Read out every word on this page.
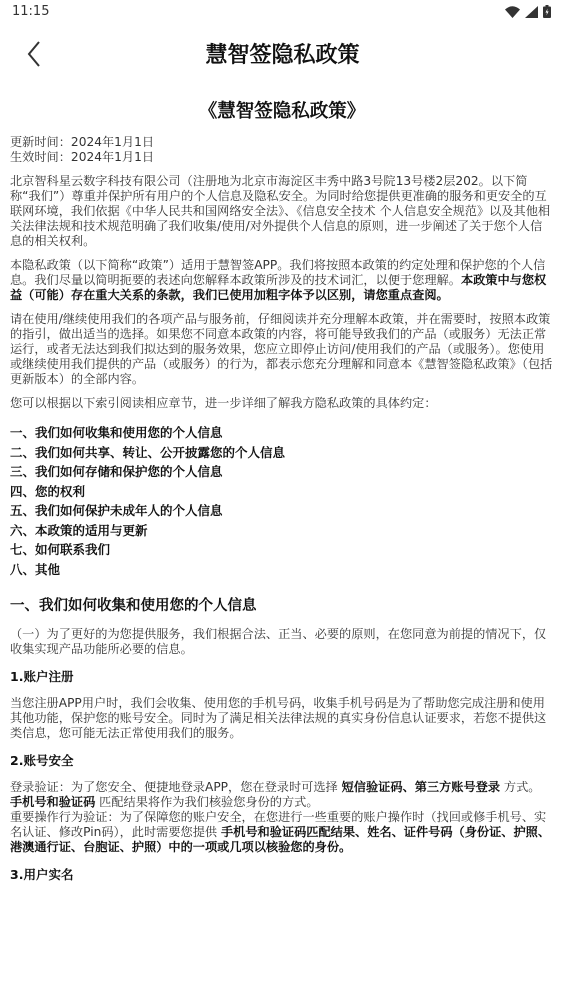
11:15
慧智签隐私政策
《慧智签隐私政策》
更新时间：2024年1月1日
生效时间：2024年1月1日

北京智科星云数字科技有限公司（注册地为北京市海淀区丰秀中路3号院13号楼2层202。以下简称“我们”）尊重并保护所有用户的个人信息及隐私安全。为同时给您提供更准确的服务和更安全的互联网环境，我们依据《中华人民共和国网络安全法》、《信息安全技术 个人信息安全规范》以及其他相关法律法规和技术规范明确了我们收集/使用/对外提供个人信息的原则，进一步阐述了关于您个人信息的相关权利。

本隐私政策（以下简称“政策”）适用于慧智签APP。我们将按照本政策的约定处理和保护您的个人信息。我们尽量以简明扼要的表述向您解释本政策所涉及的技术词汇，以便于您理解。本政策中与您权益（可能）存在重大关系的条款，我们已使用加粗字体予以区别，请您重点查阅。

请在使用/继续使用我们的各项产品与服务前，仔细阅读并充分理解本政策，并在需要时，按照本政策的指引，做出适当的选择。如果您不同意本政策的内容，将可能导致我们的产品（或服务）无法正常运行，或者无法达到我们拟达到的服务效果，您应立即停止访问/使用我们的产品（或服务）。您使用或继续使用我们提供的产品（或服务）的行为，都表示您充分理解和同意本《慧智签隐私政策》（包括更新版本）的全部内容。

您可以根据以下索引阅读相应章节，进一步详细了解我方隐私政策的具体约定：

一、我们如何收集和使用您的个人信息
二、我们如何共享、转让、公开披露您的个人信息
三、我们如何存储和保护您的个人信息
四、您的权利
五、我们如何保护未成年人的个人信息
六、本政策的适用与更新
七、如何联系我们
八、其他
一、我们如何收集和使用您的个人信息

（一）为了更好的为您提供服务，我们根据合法、正当、必要的原则，在您同意为前提的情况下，仅收集实现产品功能所必要的信息。

1.账户注册

当您注册APP用户时，我们会收集、使用您的手机号码，收集手机号码是为了帮助您完成注册和使用其他功能，保护您的账号安全。同时为了满足相关法律法规的真实身份信息认证要求，若您不提供这类信息，您可能无法正常使用我们的服务。

2.账号安全

登录验证：为了您安全、便捷地登录APP，您在登录时可选择 短信验证码、第三方账号登录 方式。 手机号和验证码 匹配结果将作为我们核验您身份的方式。

重要操作行为验证：为了保障您的账户安全，在您进行一些重要的账户操作时（找回或修手机号、实名认证、修改Pin码），此时需要您提供 手机号和验证码匹配结果、姓名、证件号码（身份证、护照、港澳通行证、台胞证、护照）中的一项或几项以核验您的身份。

3.用户实名
